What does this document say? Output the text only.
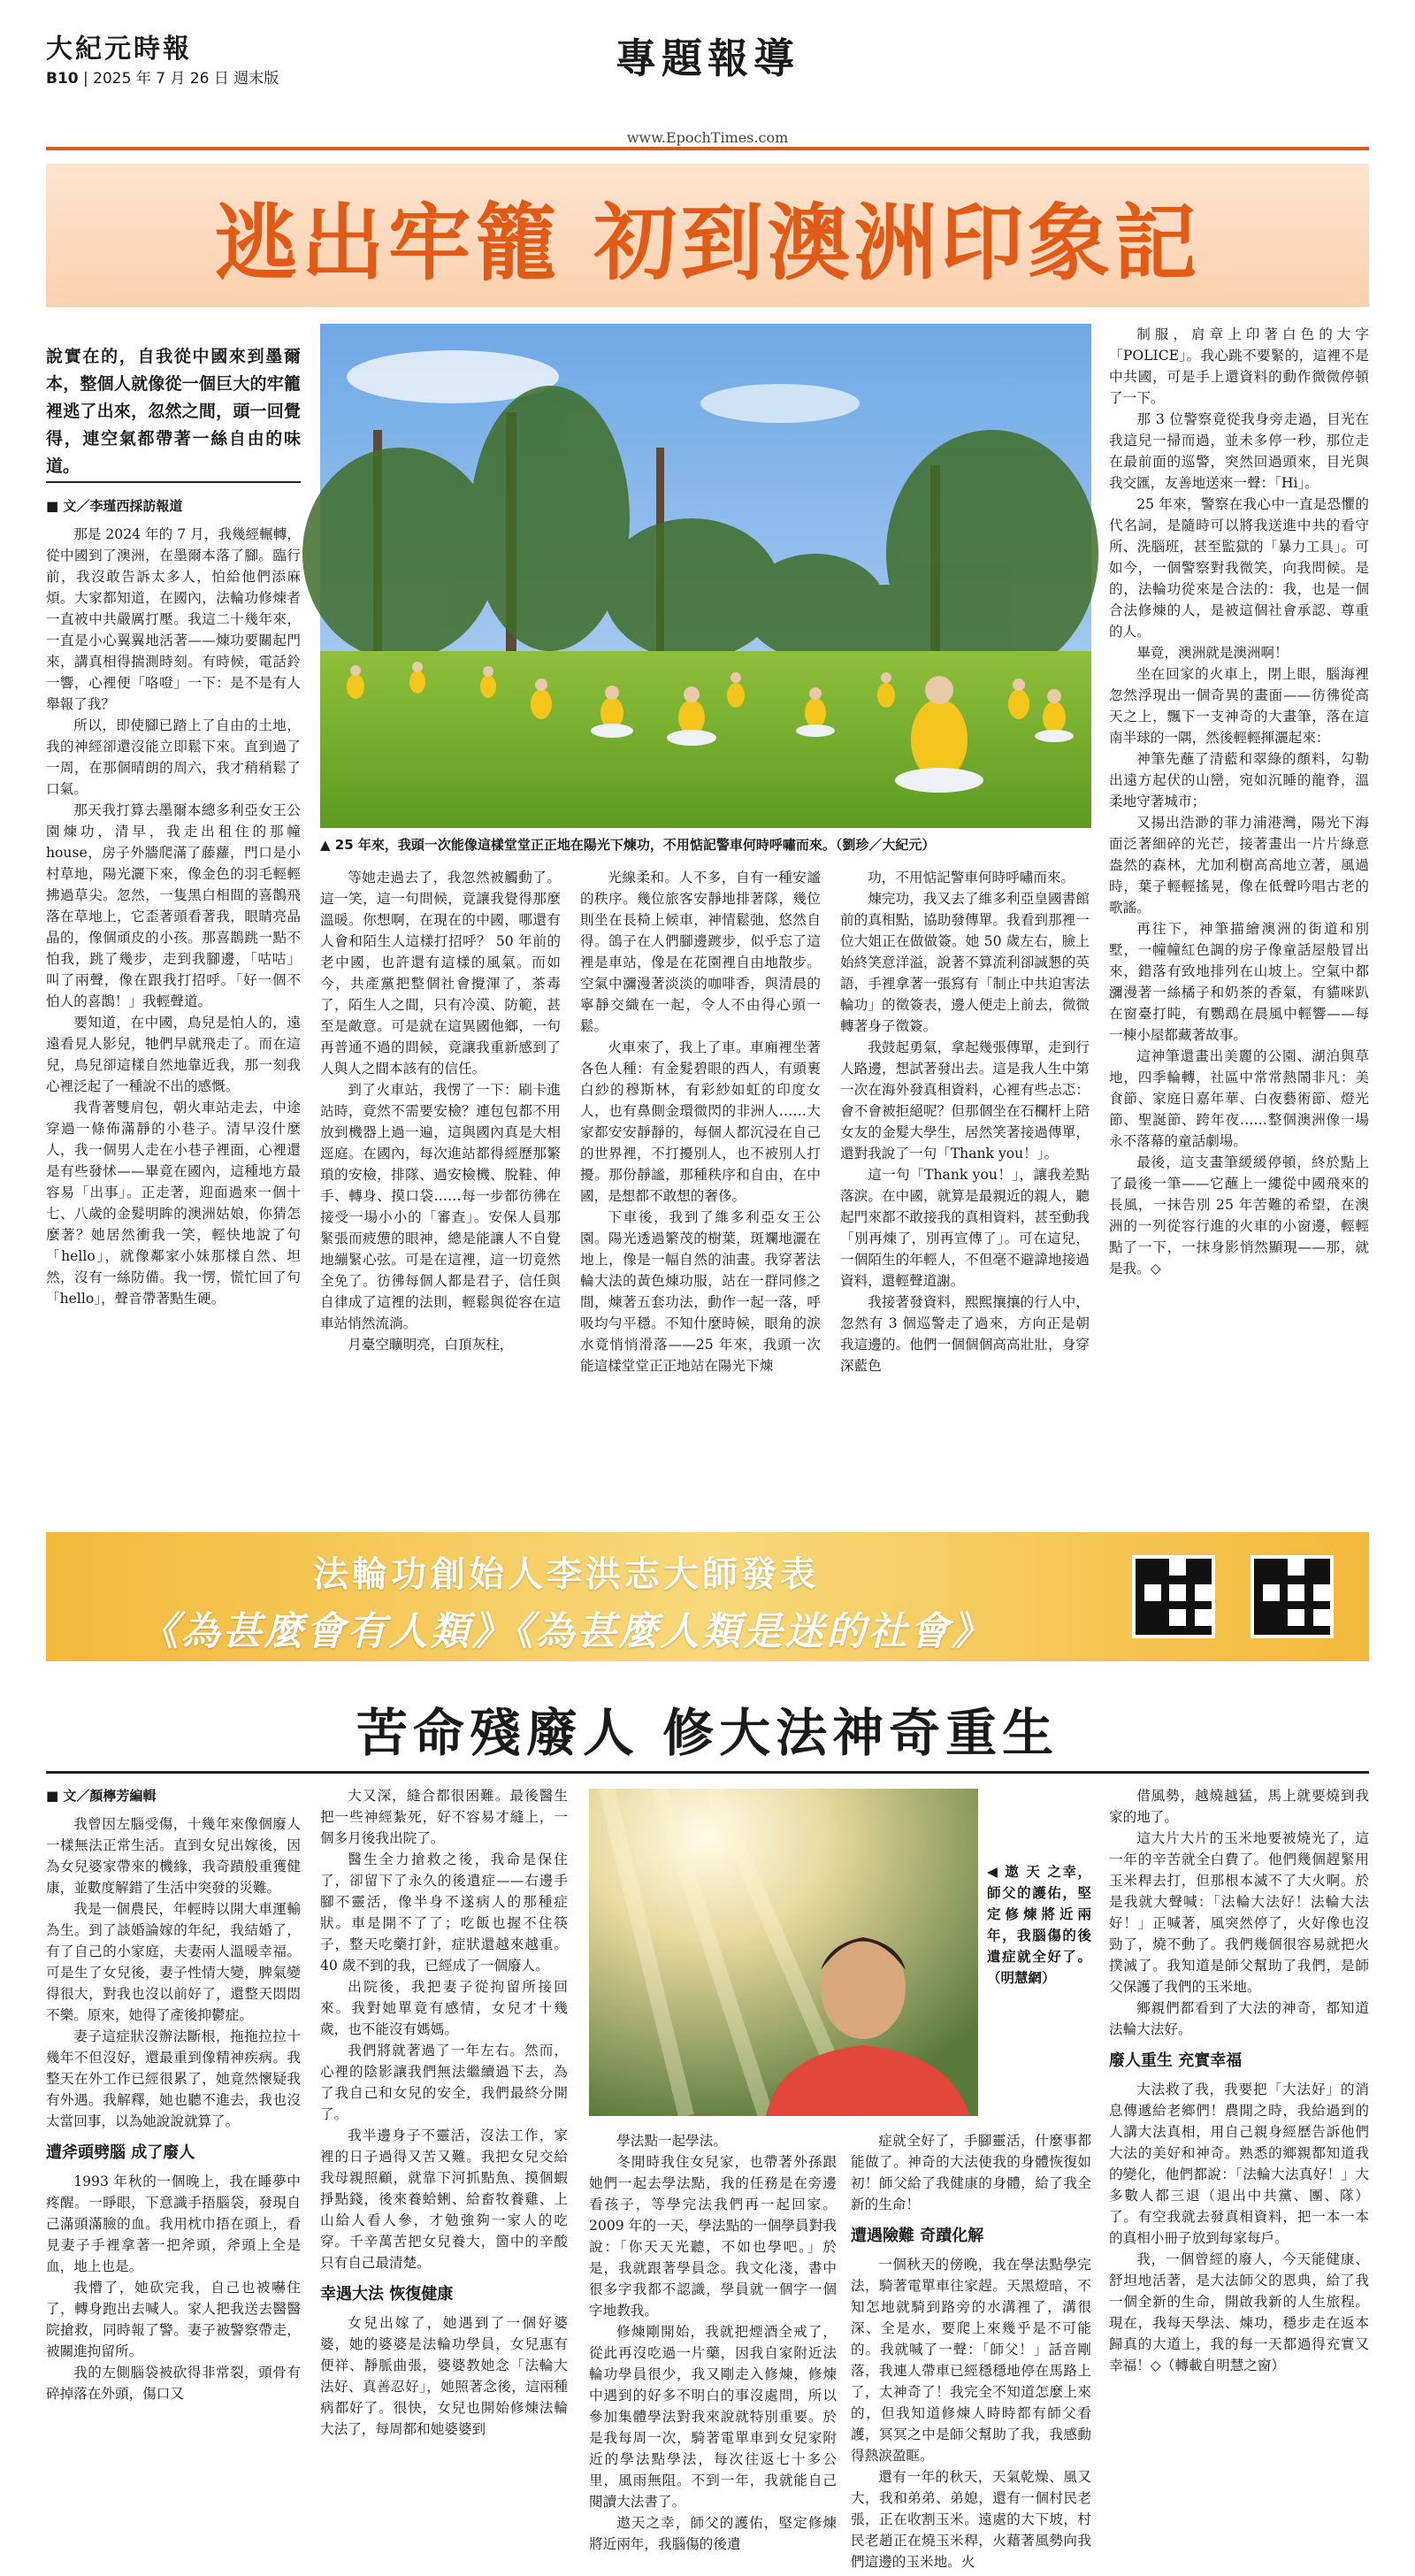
大紀元時報
B10 | 2025 年 7 月 26 日 週末版	專題報導
www.EpochTimes.com
逃出牢籠 初到澳洲印象記
說實在的，自我從中國來到墨爾本，整個人就像從一個巨大的牢籠裡逃了出來，忽然之間，頭一回覺得，連空氣都帶著一絲自由的味道。

■ 文／李瑾西採訪報道

那是 2024 年的 7 月，我幾經輾轉，從中國到了澳洲，在墨爾本落了腳。臨行前，我沒敢告訴太多人，怕給他們添麻煩。大家都知道，在國內，法輪功修煉者一直被中共嚴厲打壓。我這二十幾年來，一直是小心翼翼地活著——煉功要關起門來，講真相得揣測時刻。有時候，電話鈴一響，心裡便「咯噔」一下：是不是有人舉報了我？

所以，即使腳已踏上了自由的土地，我的神經卻還沒能立即鬆下來。直到過了一周，在那個晴朗的周六，我才稍稍鬆了口氣。

那天我打算去墨爾本總多利亞女王公園煉功，清早，我走出租住的那幢 house，房子外牆爬滿了藤蘿，門口是小村草地，陽光灑下來，像金色的羽毛輕輕拂過草尖。忽然，一隻黑白相間的喜鵲飛落在草地上，它歪著頭看著我，眼睛亮晶晶的，像個頑皮的小孩。那喜鵲跳一點不怕我，跳了幾步，走到我腳邊，「咕咕」叫了兩聲，像在跟我打招呼。「好一個不怕人的喜鵲！」我輕聲道。

要知道，在中國，鳥兒是怕人的，遠遠看見人影兒，牠們早就飛走了。而在這兒，鳥兒卻這樣自然地靠近我，那一刻我心裡泛起了一種說不出的感慨。

我背著雙肩包，朝火車站走去，中途穿過一條佈滿靜的小巷子。清早沒什麼人，我一個男人走在小巷子裡面，心裡還是有些發怵——畢竟在國內，這種地方最容易「出事」。正走著，迎面過來一個十七、八歲的金髮明眸的澳洲姑娘，你猜怎麼著？她居然衝我一笑，輕快地說了句「hello」，就像鄰家小妹那樣自然、坦然，沒有一絲防備。我一愣，慌忙回了句「hello」，聲音帶著點生硬。

▲ 25 年來，我頭一次能像這樣堂堂正正地在陽光下煉功，不用惦記警車何時呼嘯而來。（劉珍／大紀元）

等她走過去了，我忽然被觸動了。這一笑，這一句問候，竟讓我覺得那麼溫暖。你想啊，在現在的中國，哪還有人會和陌生人這樣打招呼？ 50 年前的老中國，也許還有這樣的風氣。而如今，共產黨把整個社會攪渾了，茶毒了，陌生人之間，只有冷漠、防範，甚至是敵意。可是就在這異國他鄉，一句再普通不過的問候，竟讓我重新感到了人與人之間本該有的信任。

到了火車站，我愣了一下：刷卡進站時，竟然不需要安檢？連包包都不用放到機器上過一遍，這與國內真是大相逕庭。在國內，每次進站都得經歷那繁瑣的安檢，排隊、過安檢機、脫鞋、伸手、轉身、摸口袋……每一步都彷彿在接受一場小小的「審查」。安保人員那緊張而疲憊的眼神，總是能讓人不自覺地繃緊心弦。可是在這裡，這一切竟然全免了。彷彿每個人都是君子，信任與自律成了這裡的法則，輕鬆與從容在這車站悄然流淌。

月臺空曠明亮，白頂灰柱，

光線柔和。人不多，自有一種安謐的秩序。幾位旅客安靜地排著隊，幾位則坐在長椅上候車，神情鬆弛，悠然自得。鴿子在人們腳邊踱步，似乎忘了這裡是車站，像是在花園裡自由地散步。空氣中瀰漫著淡淡的咖啡香，與清晨的寧靜交織在一起，令人不由得心頭一鬆。

火車來了，我上了車。車廂裡坐著各色人種：有金髮碧眼的西人，有頭裹白紗的穆斯林，有彩紗如虹的印度女人，也有鼻側金環微閃的非洲人……大家都安安靜靜的，每個人都沉浸在自己的世界裡，不打擾別人，也不被別人打擾。那份靜謐，那種秩序和自由，在中國，是想都不敢想的奢侈。

下車後，我到了維多利亞女王公園。陽光透過繁茂的樹葉，斑斕地灑在地上，像是一幅自然的油畫。我穿著法輪大法的黃色煉功服，站在一群同修之間，煉著五套功法，動作一起一落，呼吸均勻平穩。不知什麼時候，眼角的淚水竟悄悄滑落——25 年來，我頭一次能這樣堂堂正正地站在陽光下煉

功，不用惦記警車何時呼嘯而來。

煉完功，我又去了維多利亞皇國書館前的真相點，協助發傳單。我看到那裡一位大姐正在做做簽。她 50 歲左右，臉上始終笑意洋溢，說著不算流利卻誠懇的英語，手裡拿著一張寫有「制止中共迫害法輪功」的徵簽表，邊人便走上前去，微微轉著身子徵簽。

我鼓起勇氣，拿起幾張傳單，走到行人路邊，想試著發出去。這是我人生中第一次在海外發真相資料，心裡有些忐忑：會不會被拒絕呢？但那個坐在石欄杆上陪女友的金髮大學生，居然笑著接過傳單，還對我說了一句「Thank you！」。

這一句「Thank you！」，讓我差點落淚。在中國，就算是最親近的親人，聽起門來都不敢接我的真相資料，甚至動我「別再煉了，別再宣傳了」。可在這兒，一個陌生的年輕人，不但毫不避諱地接過資料，還輕聲道謝。

我接著發資料，熙熙攘攘的行人中，忽然有 3 個巡警走了過來，方向正是朝我這邊的。他們一個個個高高壯壯，身穿深藍色

制服，肩章上印著白色的大字「POLICE」。我心跳不要緊的，這裡不是中共國，可是手上還資料的動作微微停頓了一下。

那 3 位警察竟從我身旁走過，目光在我這兒一掃而過，並未多停一秒，那位走在最前面的巡警，突然回過頭來，目光與我交匯，友善地送來一聲：「Hi」。

25 年來，警察在我心中一直是恐懼的代名詞，是隨時可以將我送進中共的看守所、洗腦班，甚至監獄的「暴力工具」。可如今，一個警察對我微笑，向我問候。是的，法輪功從來是合法的：我，也是一個合法修煉的人，是被這個社會承認、尊重的人。

畢竟，澳洲就是澳洲啊！

坐在回家的火車上，閉上眼，腦海裡忽然浮現出一個奇異的畫面——彷彿從高天之上，飄下一支神奇的大畫筆，落在這南半球的一隅，然後輕輕揮灑起來：

神筆先蘸了清藍和翠綠的顏料，勾勒出遠方起伏的山巒，宛如沉睡的龍脊，溫柔地守著城市；

又揚出浩渺的菲力浦港灣，陽光下海面泛著細碎的光芒，接著畫出一片片綠意盎然的森林，尤加利樹高高地立著，風過時，葉子輕輕搖晃，像在低聲吟唱古老的歌謠。

再往下，神筆描繪澳洲的街道和別墅，一幢幢紅色調的房子像童話屋般冒出來，錯落有致地排列在山坡上。空氣中都瀰漫著一絲橘子和奶茶的香氣，有貓咪趴在窗臺打盹，有鸚鵡在晨風中輕響——每一棟小屋都藏著故事。

這神筆還畫出美麗的公園、湖泊與草地，四季輪轉，社區中常常熱鬧非凡：美食節、家庭日嘉年華、白夜藝術節、燈光節、聖誕節、跨年夜……整個澳洲像一場永不落幕的童話劇場。

最後，這支畫筆緩緩停頓，終於點上了最後一筆——它蘸上一縷從中國飛來的長風，一抹告別 25 年苦難的希望，在澳洲的一列從容行進的火車的小窗邊，輕輕點了一下，一抹身影悄然顯現——那，就是我。◇

法輪功創始人李洪志大師發表
《為甚麼會有人類》《為甚麼人類是迷的社會》
苦命殘廢人 修大法神奇重生

■ 文／顏檸芳編輯

我曾因左腦受傷，十幾年來像個廢人一樣無法正常生活。直到女兒出嫁後，因為女兒婆家帶來的機緣，我奇蹟般重獲健康，並數度解錯了生活中突發的災難。

我是一個農民，年輕時以開大車運輸為生。到了談婚論嫁的年紀，我結婚了，有了自己的小家庭，夫妻兩人溫暖幸福。可是生了女兒後，妻子性情大變，脾氣變得很大，對我也沒以前好了，還整天悶悶不樂。原來，她得了產後抑鬱症。

妻子這症狀沒辦法斷根，拖拖拉拉十幾年不但沒好，還最重到像精神疾病。我整天在外工作已經很累了，她竟然懷疑我有外遇。我解釋，她也聽不進去，我也沒太當回事，以為她說說就算了。

遭斧頭劈腦 成了廢人

1993 年秋的一個晚上，我在睡夢中疼醒。一睜眼，下意識手捂腦袋，發現自己滿頭滿臉的血。我用枕巾捂在頭上，看見妻子手裡拿著一把斧頭，斧頭上全是血，地上也是。

我懵了，她砍完我，自己也被嚇住了，轉身跑出去喊人。家人把我送去醫醫院搶救，同時報了警。妻子被警察帶走，被關進拘留所。

我的左側腦袋被砍得非常裂，頭骨有碎掉落在外頭，傷口又

大又深，縫合都很困難。最後醫生把一些神經紮死，好不容易才縫上，一個多月後我出院了。

醫生全力搶救之後，我命是保住了，卻留下了永久的後遺症——右邊手腳不靈活，像半身不遂病人的那種症狀。車是開不了了；吃飯也握不住筷子，整天吃藥打針，症狀還越來越重。40 歲不到的我，已經成了一個廢人。

出院後，我把妻子從拘留所接回來。我對她單竟有感情，女兒才十幾歲，也不能沒有媽媽。

我們將就著過了一年左右。然而，心裡的陰影讓我們無法繼續過下去，為了我自己和女兒的安全，我們最終分開了。

我半邊身子不靈活，沒法工作，家裡的日子過得又苦又難。我把女兒交給我母親照顧，就靠下河抓點魚、摸個蝦掙點錢，後來養蛤蜊、給畜牧養雞、上山給人看人參，才勉強夠一家人的吃穿。千辛萬苦把女兒養大，箇中的辛酸只有自己最清楚。

幸遇大法 恢復健康

女兒出嫁了，她遇到了一個好婆婆，她的婆婆是法輪功學員，女兒惠有便祥、靜脈曲張，婆婆教她念「法輪大法好、真善忍好」，她照著念後，這兩種病都好了。很快，女兒也開始修煉法輪大法了，每周都和她婆婆到

◀ 遨 天 之幸，師父的護佑，堅定修煉將近兩年，我腦傷的後遺症就全好了。（明慧網）

學法點一起學法。

冬閒時我住女兒家，也帶著外孫跟她們一起去學法點，我的任務是在旁邊看孩子，等學完法我們再一起回家。2009 年的一天，學法點的一個學員對我說：「你天天光聽，不如也學吧。」於是，我就跟著學員念。我文化淺，書中很多字我都不認識，學員就一個字一個字地教我。

修煉剛開始，我就把煙酒全戒了，從此再沒吃過一片藥，因我自家附近法輪功學員很少，我又剛走入修煉，修煉中遇到的好多不明白的事沒處問，所以參加集體學法對我來說就特別重要。於是我每周一次，騎著電單車到女兒家附近的學法點學法，每次往返七十多公里，風雨無阻。不到一年，我就能自己閱讀大法書了。

遨天之幸，師父的護佑，堅定修煉將近兩年，我腦傷的後遺

症就全好了，手腳靈活，什麼事都能做了。神奇的大法使我的身體恢復如初！師父給了我健康的身體，給了我全新的生命！

遭遇險難 奇蹟化解

一個秋天的傍晚，我在學法點學完法，騎著電單車往家趕。天黑燈暗，不知怎地就騎到路旁的水溝裡了，溝很深、全是水，要爬上來幾乎是不可能的。我就喊了一聲：「師父！」話音剛落，我連人帶車已經穩穩地停在馬路上了，太神奇了！我完全不知道怎麼上來的，但我知道修煉人時時都有師父看護，冥冥之中是師父幫助了我，我感動得熱淚盈眶。

還有一年的秋天，天氣乾燥、風又大，我和弟弟、弟媳，還有一個村民老張，正在收割玉米。遠處的大下坡，村民老趙正在燒玉米稈，火藉著風勢向我們這邊的玉米地。火

借風勢，越燒越猛，馬上就要燒到我家的地了。

這大片大片的玉米地要被燒光了，這一年的辛苦就全白費了。他們幾個趕緊用玉米稈去打，但那根本滅不了大火啊。於是我就大聲喊：「法輪大法好！法輪大法好！」正喊著，風突然停了，火好像也沒勁了，燒不動了。我們幾個很容易就把火撲滅了。我知道是師父幫助了我們，是師父保護了我們的玉米地。

鄉親們都看到了大法的神奇，都知道法輪大法好。

廢人重生 充實幸福

大法救了我，我要把「大法好」的消息傳遞給老鄉們！農閒之時，我給過到的人講大法真相，用自己親身經歷告訴他們大法的美好和神奇。熟悉的鄉親都知道我的變化，他們都說：「法輪大法真好！」大多數人都三退（退出中共黨、團、隊）了。有空我就去發真相資料，把一本一本的真相小冊子放到每家每戶。

我，一個曾經的廢人，今天能健康、舒坦地活著，是大法師父的恩典，給了我一個全新的生命，開啟我新的人生旅程。現在，我每天學法、煉功，穩步走在返本歸真的大道上，我的每一天都過得充實又幸福！◇（轉載自明慧之窗）
